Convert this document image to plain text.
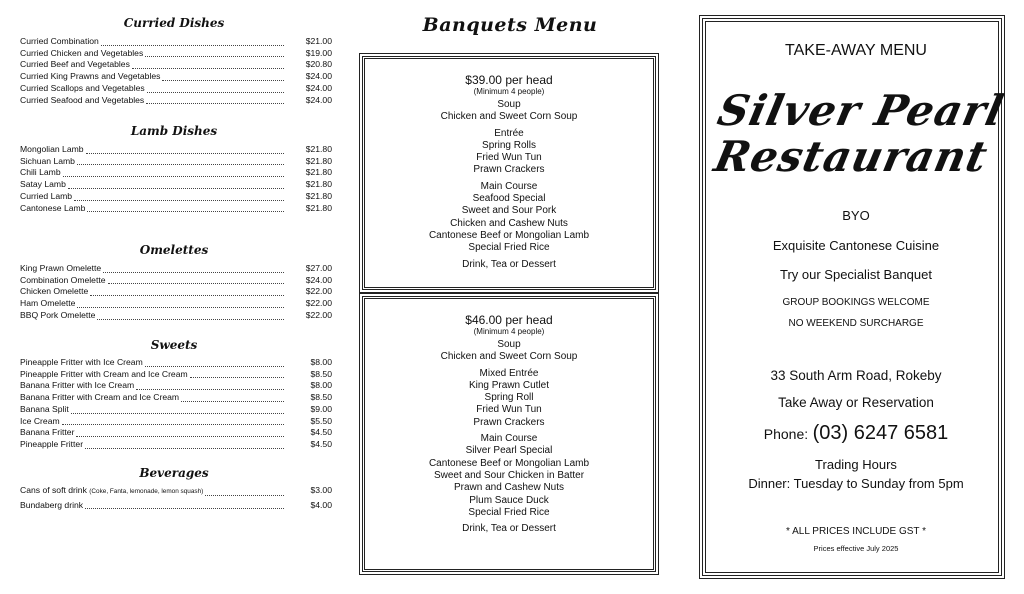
Curried Dishes
Curried Combination	$21.00
Curried Chicken and Vegetables	$19.00
Curried Beef and Vegetables	$20.80
Curried King Prawns and Vegetables	$24.00
Curried Scallops and Vegetables	$24.00
Curried Seafood and Vegetables	$24.00
Lamb Dishes
Mongolian Lamb	$21.80
Sichuan Lamb	$21.80
Chili Lamb	$21.80
Satay Lamb	$21.80
Curried Lamb	$21.80
Cantonese Lamb	$21.80
Omelettes
King Prawn Omelette	$27.00
Combination Omelette	$24.00
Chicken Omelette	$22.00
Ham Omelette	$22.00
BBQ Pork Omelette	$22.00
Sweets
Pineapple Fritter with Ice Cream	$8.00
Pineapple Fritter with Cream and Ice Cream	$8.50
Banana Fritter with Ice Cream	$8.00
Banana Fritter with Cream and Ice Cream	$8.50
Banana Split	$9.00
Ice Cream	$5.50
Banana Fritter	$4.50
Pineapple Fritter	$4.50
Beverages
Cans of soft drink (Coke, Fanta, lemonade, lemon squash)	$3.00
Bundaberg drink	$4.00
Banquets Menu
$39.00 per head
(Minimum 4 people)
Soup
Chicken and Sweet Corn Soup
Entrée
Spring Rolls
Fried Wun Tun
Prawn Crackers
Main Course
Seafood Special
Sweet and Sour Pork
Chicken and Cashew Nuts
Cantonese Beef or Mongolian Lamb
Special Fried Rice
Drink, Tea or Dessert
$46.00 per head
(Minimum 4 people)
Soup
Chicken and Sweet Corn Soup
Mixed Entrée
King Prawn Cutlet
Spring Roll
Fried Wun Tun
Prawn Crackers
Main Course
Silver Pearl Special
Cantonese Beef or Mongolian Lamb
Sweet and Sour Chicken in Batter
Prawn and Cashew Nuts
Plum Sauce Duck
Special Fried Rice
Drink, Tea or Dessert
TAKE-AWAY MENU
Silver Pearl
Restaurant
BYO
Exquisite Cantonese Cuisine
Try our Specialist Banquet
GROUP BOOKINGS WELCOME
NO WEEKEND SURCHARGE
33 South Arm Road, Rokeby
Take Away or Reservation
Phone: (03) 6247 6581
Trading Hours
Dinner: Tuesday to Sunday from 5pm
* ALL PRICES INCLUDE GST *
Prices effective July 2025
